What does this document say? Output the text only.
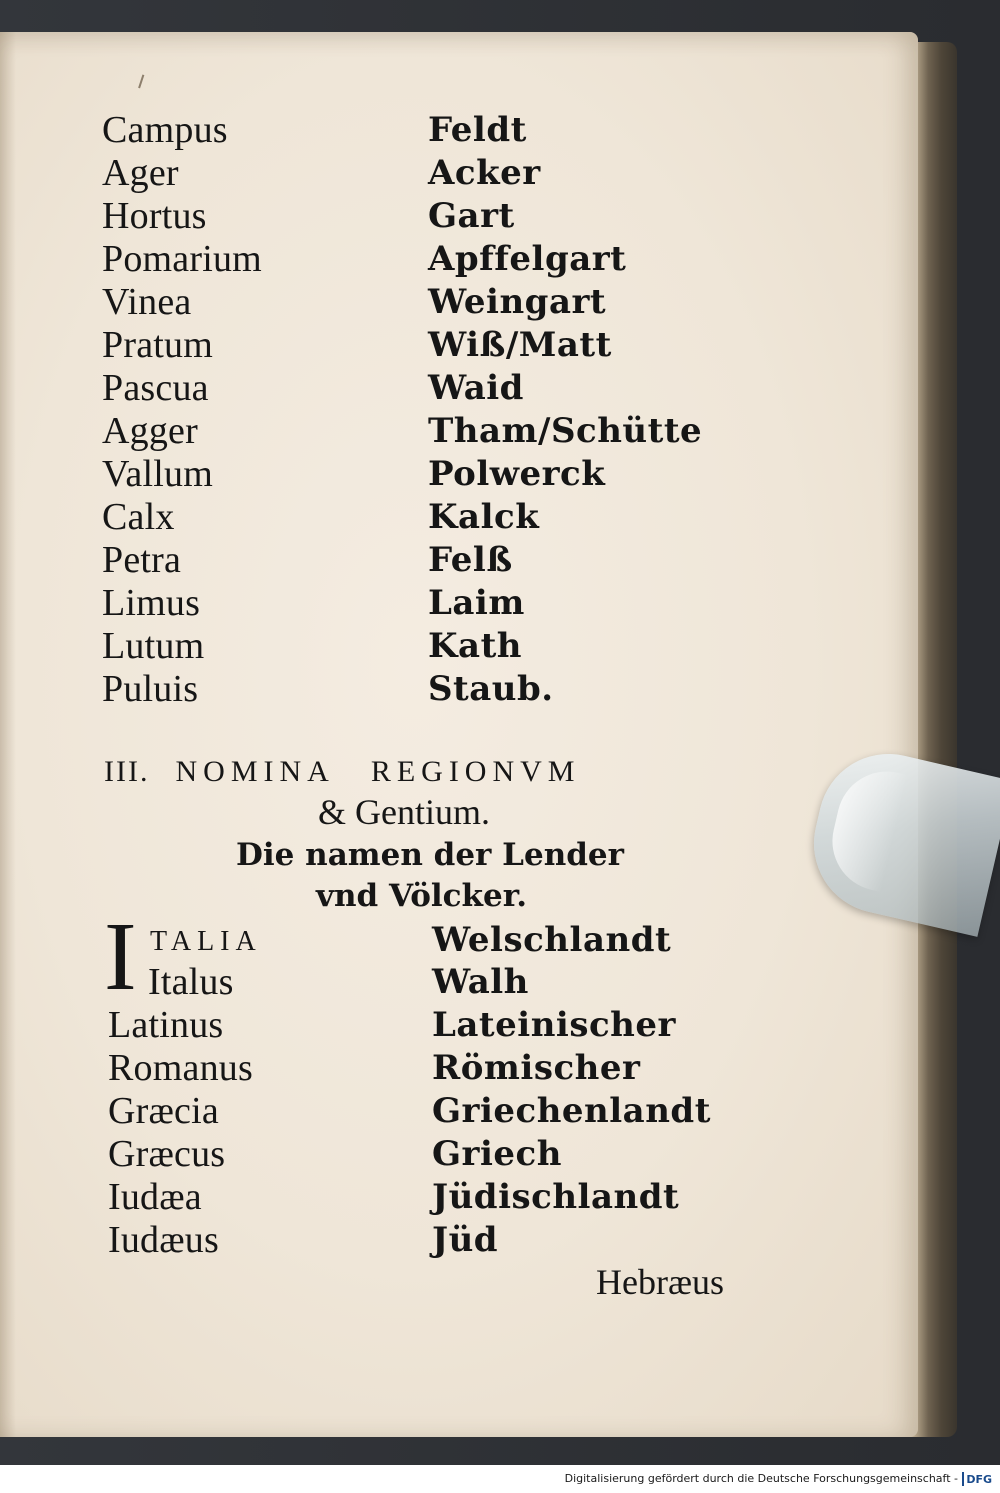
Campus	Feldt
Ager	Acker
Hortus	Gart
Pomarium	Apffelgart
Vinea	Weingart
Pratum	Wiß/Matt
Pascua	Waid
Agger	Tham/Schütte
Vallum	Polwerck
Calx	Kalck
Petra	Felß
Limus	Laim
Lutum	Kath
Puluis	Staub.
III. NOMINA REGIONVM
& Gentium.
Die namen der Lender
vnd Völcker.
I TALIA	Welschlandt
Italus	Walh
Latinus	Lateinischer
Romanus	Römischer
Græcia	Griechenlandt
Græcus	Griech
Iudæa	Jüdischlandt
Iudæus	Jüd
Hebræus
Digitalisierung gefördert durch die Deutsche Forschungsgemeinschaft - DFG
